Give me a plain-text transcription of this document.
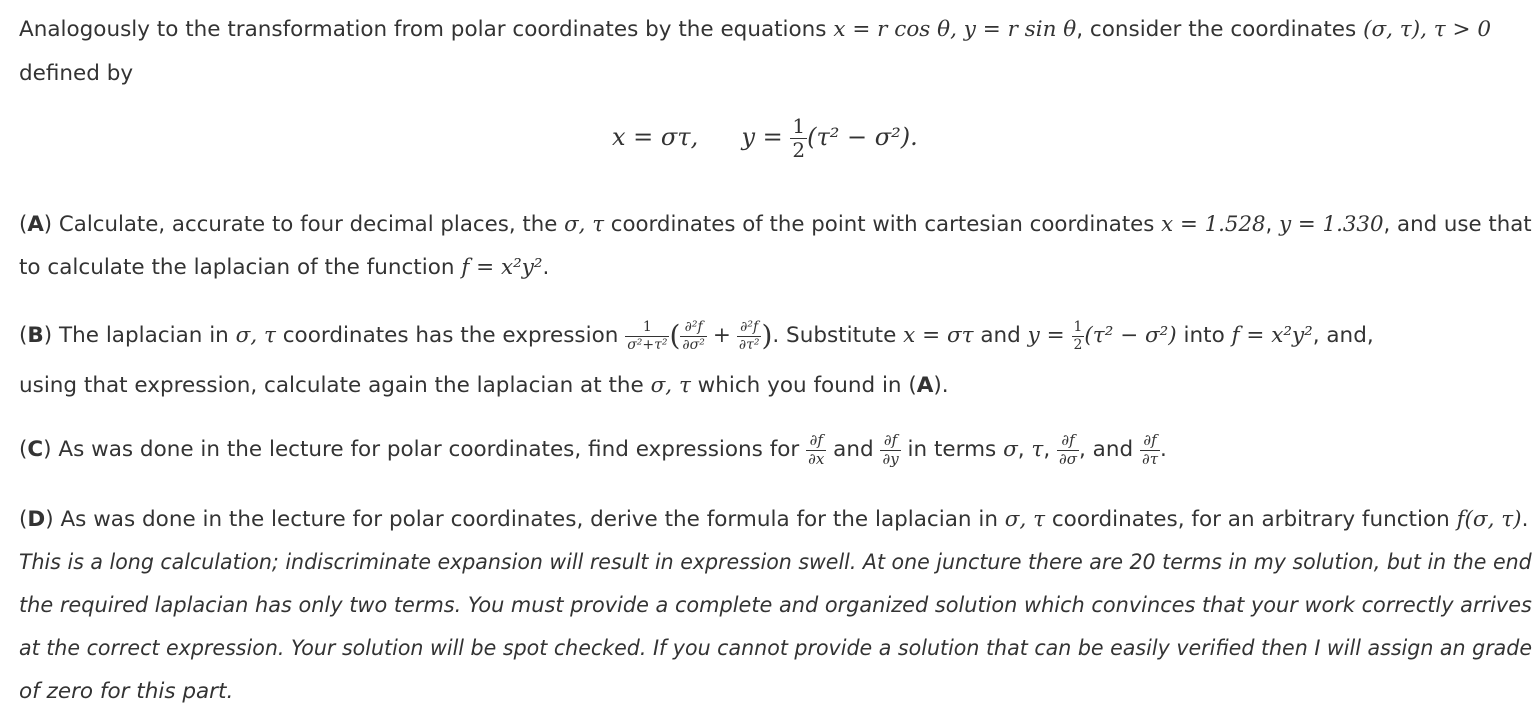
Analogously to the transformation from polar coordinates by the equations x = r cos θ, y = r sin θ, consider the coordinates (σ, τ), τ > 0
defined by
x = στ, $y = \frac{1}{2} (\tau^2 - \sigma^2)$.
(A) Calculate, accurate to four decimal places, the σ, τ coordinates of the point with cartesian coordinates x = 1.528, y = 1.330, and use that
to calculate the laplacian of the function f = x²y².
(B) The laplacian in σ, τ coordinates has the expression $\frac{1}{\text{σ²+τ²}}$ ( $\frac{\text{∂²f}}{\text{∂σ²}} + \frac{\text{∂²f}}{\text{∂τ²}}$ ). Substitute x = στ and $y = \frac{1}{2} (\tau^2 - \sigma^2)$ into f = x²y², and,
using that expression, calculate again the laplacian at the σ, τ which you found in (A).
(C) As was done in the lecture for polar coordinates, find expressions for $\frac{\partial f}{\partial x}$ and $\frac{\partial f}{\partial y}$ in terms σ, τ, $\frac{\partial f}{\partial\sigma}$ , and $\frac{\partial f}{\partial\tau}$ .
(D) As was done in the lecture for polar coordinates, derive the formula for the laplacian in σ, τ coordinates, for an arbitrary function f(σ, τ).
This is a long calculation; indiscriminate expansion will result in expression swell. At one juncture there are 20 terms in my solution, but in the end
the required laplacian has only two terms. You must provide a complete and organized solution which convinces that your work correctly arrives
at the correct expression. Your solution will be spot checked. If you cannot provide a solution that can be easily verified then I will assign an grade
of zero for this part.
